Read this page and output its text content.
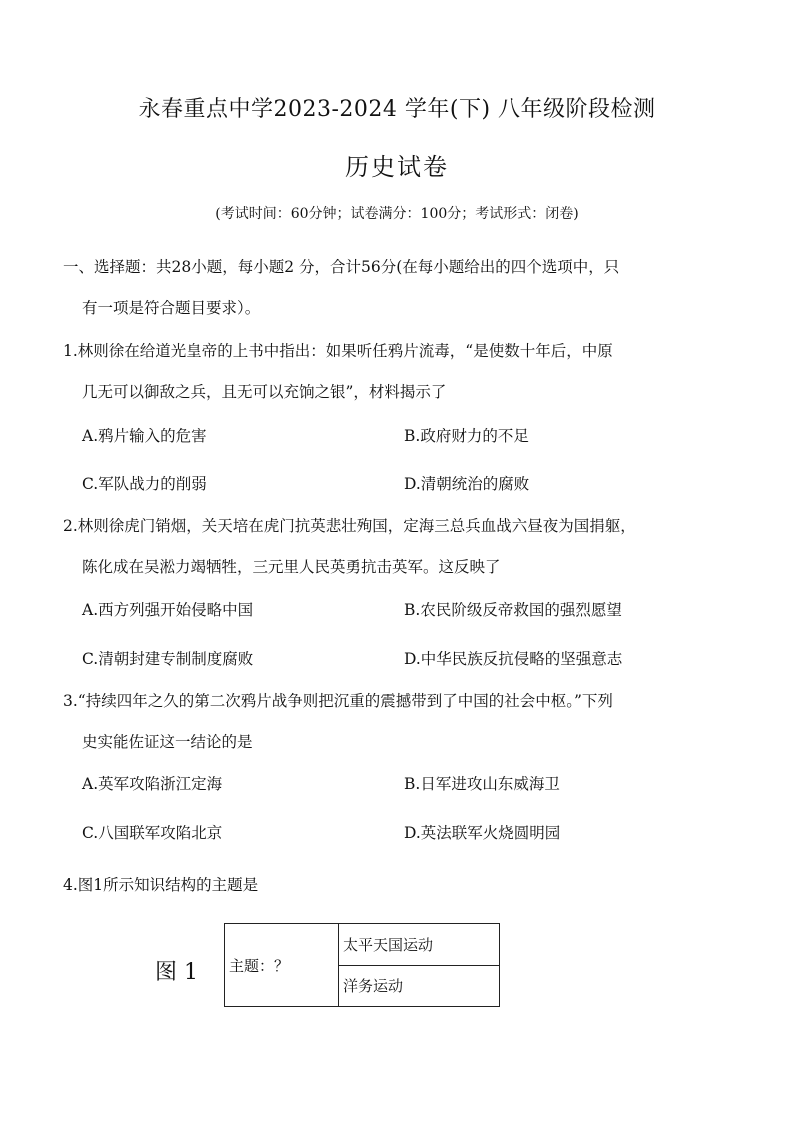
永春重点中学2023-2024 学年(下) 八年级阶段检测
历史试卷
(考试时间：60分钟；试卷满分：100分；考试形式：闭卷)
一、选择题：共28小题，每小题2 分，合计56分(在每小题给出的四个选项中，只
有一项是符合题目要求）。
1.林则徐在给道光皇帝的上书中指出：如果听任鸦片流毒，“是使数十年后，中原
几无可以御敌之兵，且无可以充饷之银”，材料揭示了
A.鸦片输入的危害	B.政府财力的不足
C.军队战力的削弱	D.清朝统治的腐败
2.林则徐虎门销烟，关天培在虎门抗英悲壮殉国，定海三总兵血战六昼夜为国捐躯，
陈化成在吴淞力竭牺牲，三元里人民英勇抗击英军。这反映了
A.西方列强开始侵略中国	B.农民阶级反帝救国的强烈愿望
C.清朝封建专制制度腐败	D.中华民族反抗侵略的坚强意志
3.“持续四年之久的第二次鸦片战争则把沉重的震撼带到了中国的社会中枢。”下列
史实能佐证这一结论的是
A.英军攻陷浙江定海	B.日军进攻山东威海卫
C.八国联军攻陷北京	D.英法联军火烧圆明园
4.图1所示知识结构的主题是
图 1 主题：？	太平天国运动
洋务运动
